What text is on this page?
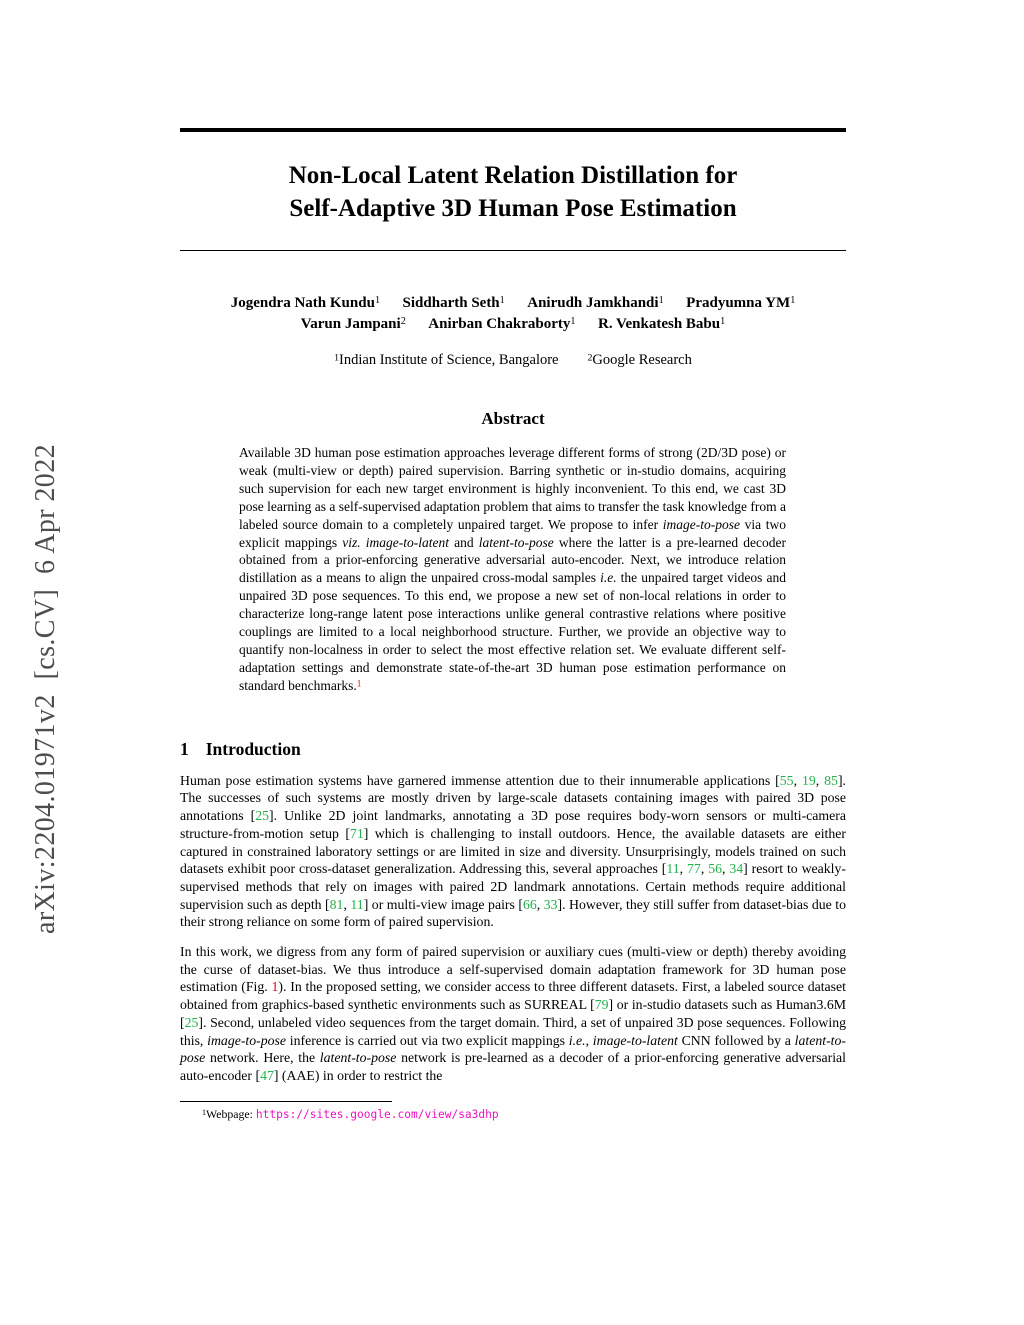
arXiv:2204.01971v2  [cs.CV]  6 Apr 2022
Non-Local Latent Relation Distillation for
Self-Adaptive 3D Human Pose Estimation
Jogendra Nath Kundu$^1$ Siddharth Seth$^1$ Anirudh Jamkhandi$^1$ Pradyumna $YM^1$
Varun Jampani$^2$ Anirban Chakraborty$^1$ R. Venkatesh Babu$^1$
$^1$Indian Institute of Science, Bangalore	$^2$Google Research
Abstract

Available 3D human pose estimation approaches leverage different forms of strong (2D/3D pose) or weak (multi-view or depth) paired supervision. Barring synthetic or in-studio domains, acquiring such supervision for each new target environment is highly inconvenient. To this end, we cast 3D pose learning as a self-supervised adaptation problem that aims to transfer the task knowledge from a labeled source domain to a completely unpaired target. We propose to infer image-to-pose via two explicit mappings viz. image-to-latent and latent-to-pose where the latter is a pre-learned decoder obtained from a prior-enforcing generative adversarial auto-encoder. Next, we introduce relation distillation as a means to align the unpaired cross-modal samples i.e. the unpaired target videos and unpaired 3D pose sequences. To this end, we propose a new set of non-local relations in order to characterize long-range latent pose interactions unlike general contrastive relations where positive couplings are limited to a local neighborhood structure. Further, we provide an objective way to quantify non-localness in order to select the most effective relation set. We evaluate different self-adaptation settings and demonstrate state-of-the-art 3D human pose estimation performance on standard benchmarks.$^1$

1 Introduction

Human pose estimation systems have garnered immense attention due to their innumerable applications [55, 19, 85]. The successes of such systems are mostly driven by large-scale datasets containing images with paired 3D pose annotations [25]. Unlike 2D joint landmarks, annotating a 3D pose requires body-worn sensors or multi-camera structure-from-motion setup [71] which is challenging to install outdoors. Hence, the available datasets are either captured in constrained laboratory settings or are limited in size and diversity. Unsurprisingly, models trained on such datasets exhibit poor cross-dataset generalization. Addressing this, several approaches [11, 77, 56, 34] resort to weakly-supervised methods that rely on images with paired 2D landmark annotations. Certain methods require additional supervision such as depth [81, 11] or multi-view image pairs [66, 33]. However, they still suffer from dataset-bias due to their strong reliance on some form of paired supervision.

In this work, we digress from any form of paired supervision or auxiliary cues (multi-view or depth) thereby avoiding the curse of dataset-bias. We thus introduce a self-supervised domain adaptation framework for 3D human pose estimation (Fig. 1). In the proposed setting, we consider access to three different datasets. First, a labeled source dataset obtained from graphics-based synthetic environments such as SURREAL [79] or in-studio datasets such as Human3.6M [25]. Second, unlabeled video sequences from the target domain. Third, a set of unpaired 3D pose sequences. Following this, image-to-pose inference is carried out via two explicit mappings i.e., image-to-latent CNN followed by a latent-to-pose network. Here, the latent-to-pose network is pre-learned as a decoder of a prior-enforcing generative adversarial auto-encoder [47] (AAE) in order to restrict the

$^1$Webpage: https://sites.google.com/view/sa3dhp
